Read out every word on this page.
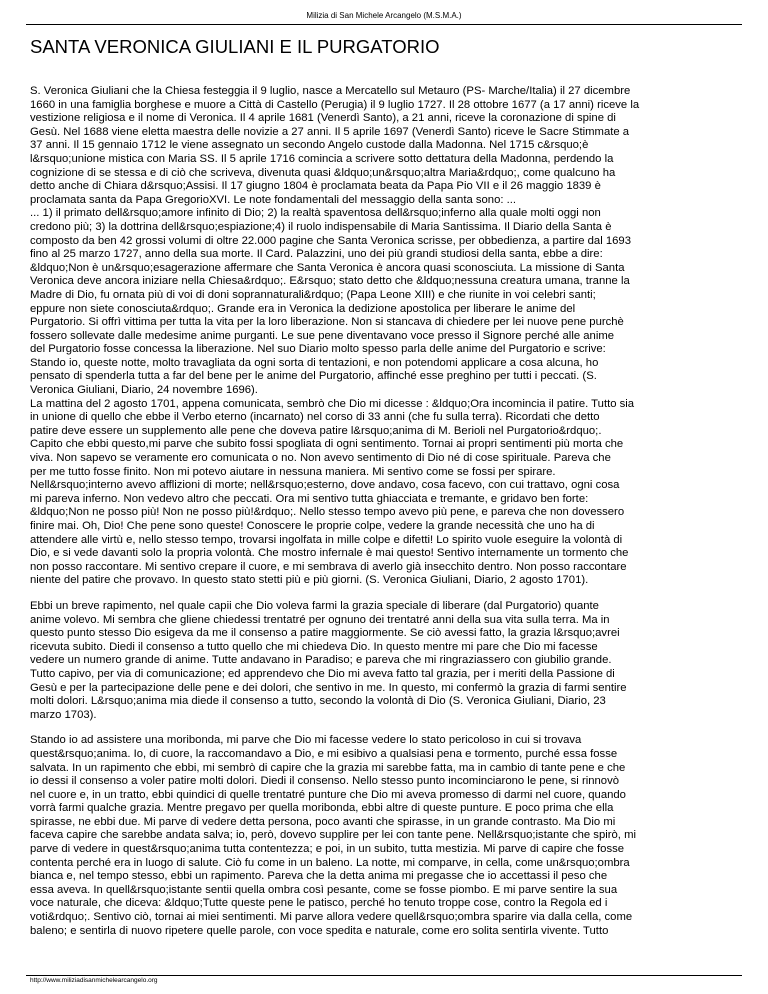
Milizia di San Michele Arcangelo (M.S.M.A.)
SANTA VERONICA GIULIANI E IL PURGATORIO

S. Veronica Giuliani che la Chiesa festeggia il 9 luglio, nasce a Mercatello sul Metauro (PS- Marche/Italia) il 27 dicembre
1660 in una famiglia borghese e muore a Città di Castello (Perugia) il 9 luglio 1727. Il 28 ottobre 1677 (a 17 anni) riceve la
vestizione religiosa e il nome di Veronica. Il 4 aprile 1681 (Venerdì Santo), a 21 anni, riceve la coronazione di spine di
Gesù. Nel 1688 viene eletta maestra delle novizie a 27 anni. Il 5 aprile 1697 (Venerdì Santo) riceve le Sacre Stimmate a
37 anni. Il 15 gennaio 1712 le viene assegnato un secondo Angelo custode dalla Madonna. Nel 1715 c&rsquo;è
l&rsquo;unione mistica con Maria SS. Il 5 aprile 1716 comincia a scrivere sotto dettatura della Madonna, perdendo la
cognizione di se stessa e di ciò che scriveva, divenuta quasi &ldquo;un&rsquo;altra Maria&rdquo;, come qualcuno ha
detto anche di Chiara d&rsquo;Assisi. Il 17 giugno 1804 è proclamata beata da Papa Pio VII e il 26 maggio 1839 è
proclamata santa da Papa GregorioXVI. Le note fondamentali del messaggio della santa sono: ...
... 1) il primato dell&rsquo;amore infinito di Dio; 2) la realtà spaventosa dell&rsquo;inferno alla quale molti oggi non
credono più; 3) la dottrina dell&rsquo;espiazione;4) il ruolo indispensabile di Maria Santissima. Il Diario della Santa è
composto da ben 42 grossi volumi di oltre 22.000 pagine che Santa Veronica scrisse, per obbedienza, a partire dal 1693
fino al 25 marzo 1727, anno della sua morte. Il Card. Palazzini, uno dei più grandi studiosi della santa, ebbe a dire:
&ldquo;Non è un&rsquo;esagerazione affermare che Santa Veronica è ancora quasi sconosciuta. La missione di Santa
Veronica deve ancora iniziare nella Chiesa&rdquo;. E&rsquo; stato detto che &ldquo;nessuna creatura umana, tranne la
Madre di Dio, fu ornata più di voi di doni soprannaturali&rdquo; (Papa Leone XIII) e che riunite in voi celebri santi;
eppure non siete conosciuta&rdquo;. Grande era in Veronica la dedizione apostolica per liberare le anime del
Purgatorio. Si offrì vittima per tutta la vita per la loro liberazione. Non si stancava di chiedere per lei nuove pene purchè
fossero sollevate dalle medesime anime purganti. Le sue pene diventavano voce presso il Signore perché alle anime
del Purgatorio fosse concessa la liberazione. Nel suo Diario molto spesso parla delle anime del Purgatorio e scrive:
Stando io, queste notte, molto travagliata da ogni sorta di tentazioni, e non potendomi applicare a cosa alcuna, ho
pensato di spenderla tutta a far del bene per le anime del Purgatorio, affinché esse preghino per tutti i peccati. (S.
Veronica Giuliani, Diario, 24 novembre 1696).
La mattina del 2 agosto 1701, appena comunicata, sembrò che Dio mi dicesse : &ldquo;Ora incomincia il patire. Tutto sia
in unione di quello che ebbe il Verbo eterno (incarnato) nel corso di 33 anni (che fu sulla terra). Ricordati che detto
patire deve essere un supplemento alle pene che doveva patire l&rsquo;anima di M. Berioli nel Purgatorio&rdquo;.
Capito che ebbi questo,mi parve che subito fossi spogliata di ogni sentimento. Tornai ai propri sentimenti più morta che
viva. Non sapevo se veramente ero comunicata o no. Non avevo sentimento di Dio né di cose spirituale. Pareva che
per me tutto fosse finito. Non mi potevo aiutare in nessuna maniera. Mi sentivo come se fossi per spirare.
Nell&rsquo;interno avevo afflizioni di morte; nell&rsquo;esterno, dove andavo, cosa facevo, con cui trattavo, ogni cosa
mi pareva inferno. Non vedevo altro che peccati. Ora mi sentivo tutta ghiacciata e tremante, e gridavo ben forte:
&ldquo;Non ne posso più! Non ne posso più!&rdquo;. Nello stesso tempo avevo più pene, e pareva che non dovessero
finire mai. Oh, Dio! Che pene sono queste! Conoscere le proprie colpe, vedere la grande necessità che uno ha di
attendere alle virtù e, nello stesso tempo, trovarsi ingolfata in mille colpe e difetti! Lo spirito vuole eseguire la volontà di
Dio, e si vede davanti solo la propria volontà. Che mostro infernale è mai questo! Sentivo internamente un tormento che
non posso raccontare. Mi sentivo crepare il cuore, e mi sembrava di averlo già insecchito dentro. Non posso raccontare
niente del patire che provavo. In questo stato stetti più e più giorni. (S. Veronica Giuliani, Diario, 2 agosto 1701).

Ebbi un breve rapimento, nel quale capii che Dio voleva farmi la grazia speciale di liberare (dal Purgatorio) quante
anime volevo. Mi sembra che gliene chiedessi trentatré per ognuno dei trentatré anni della sua vita sulla terra. Ma in
questo punto stesso Dio esigeva da me il consenso a patire maggiormente. Se ciò avessi fatto, la grazia l&rsquo;avrei
ricevuta subito. Diedi il consenso a tutto quello che mi chiedeva Dio. In questo mentre mi pare che Dio mi facesse
vedere un numero grande di anime. Tutte andavano in Paradiso; e pareva che mi ringraziassero con giubilio grande.
Tutto capivo, per via di comunicazione; ed apprendevo che Dio mi aveva fatto tal grazia, per i meriti della Passione di
Gesù e per la partecipazione delle pene e dei dolori, che sentivo in me. In questo, mi confermò la grazia di farmi sentire
molti dolori. L&rsquo;anima mia diede il consenso a tutto, secondo la volontà di Dio (S. Veronica Giuliani, Diario, 23
marzo 1703).

Stando io ad assistere una moribonda, mi parve che Dio mi facesse vedere lo stato pericoloso in cui si trovava
quest&rsquo;anima. Io, di cuore, la raccomandavo a Dio, e mi esibivo a qualsiasi pena e tormento, purché essa fosse
salvata. In un rapimento che ebbi, mi sembrò di capire che la grazia mi sarebbe fatta, ma in cambio di tante pene e che
io dessi il consenso a voler patire molti dolori. Diedi il consenso. Nello stesso punto incominciarono le pene, si rinnovò
nel cuore e, in un tratto, ebbi quindici di quelle trentatré punture che Dio mi aveva promesso di darmi nel cuore, quando
vorrà farmi qualche grazia. Mentre pregavo per quella moribonda, ebbi altre di queste punture. E poco prima che ella
spirasse, ne ebbi due. Mi parve di vedere detta persona, poco avanti che spirasse, in un grande contrasto. Ma Dio mi
faceva capire che sarebbe andata salva; io, però, dovevo supplire per lei con tante pene. Nell&rsquo;istante che spirò, mi
parve di vedere in quest&rsquo;anima tutta contentezza; e poi, in un subito, tutta mestizia. Mi parve di capire che fosse
contenta perché era in luogo di salute. Ciò fu come in un baleno. La notte, mi comparve, in cella, come un&rsquo;ombra
bianca e, nel tempo stesso, ebbi un rapimento. Pareva che la detta anima mi pregasse che io accettassi il peso che
essa aveva. In quell&rsquo;istante sentii quella ombra così pesante, come se fosse piombo. E mi parve sentire la sua
voce naturale, che diceva: &ldquo;Tutte queste pene le patisco, perché ho tenuto troppe cose, contro la Regola ed i
voti&rdquo;. Sentivo ciò, tornai ai miei sentimenti. Mi parve allora vedere quell&rsquo;ombra sparire via dalla cella, come
baleno; e sentirla di nuovo ripetere quelle parole, con voce spedita e naturale, come ero solita sentirla vivente. Tutto

http://www.miliziadisanmichelearcangelo.org
